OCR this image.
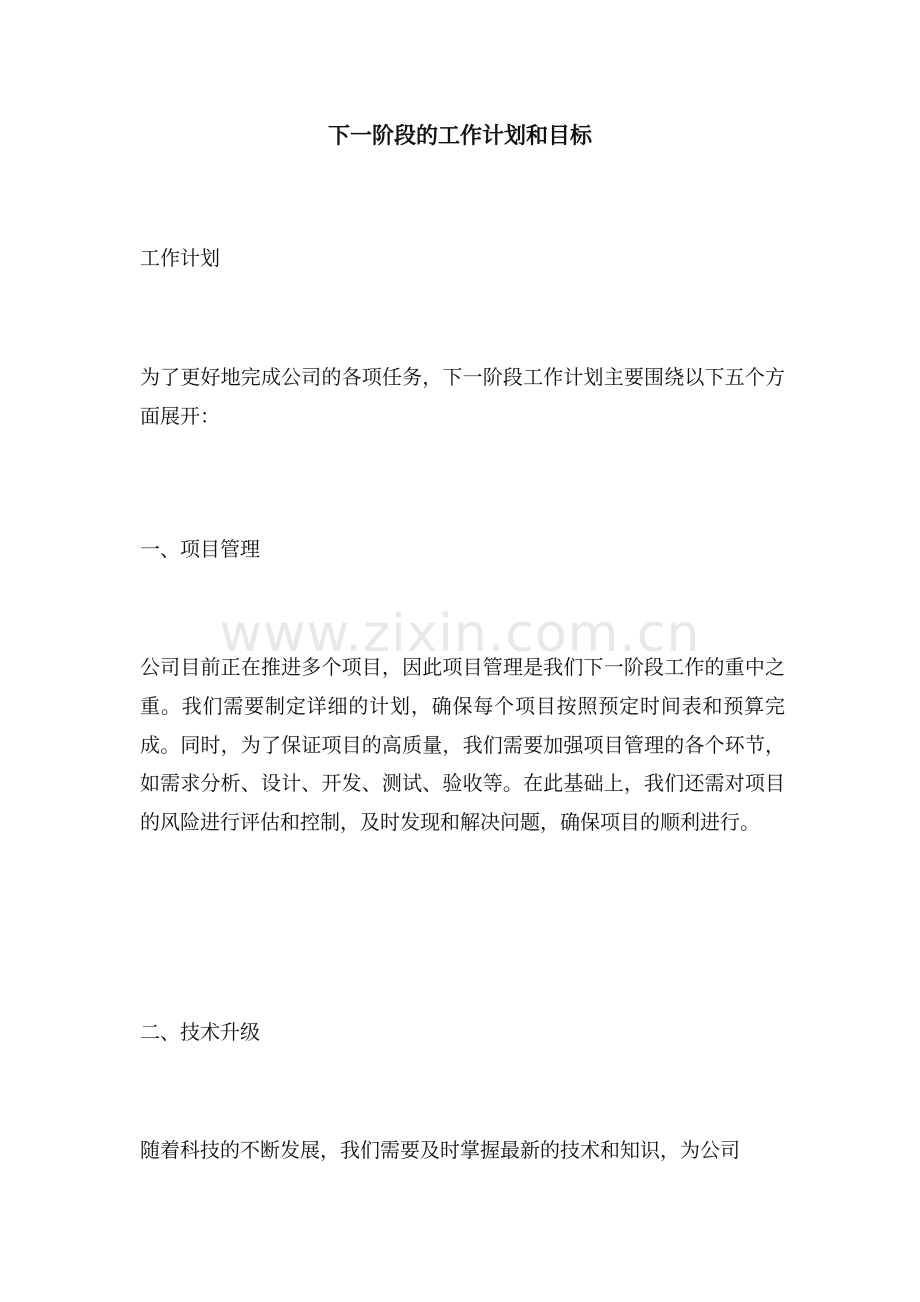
下一阶段的工作计划和目标

工作计划

为了更好地完成公司的各项任务，下一阶段工作计划主要围绕以下五个方面展开：

一、项目管理

公司目前正在推进多个项目，因此项目管理是我们下一阶段工作的重中之重。我们需要制定详细的计划，确保每个项目按照预定时间表和预算完成。同时，为了保证项目的高质量，我们需要加强项目管理的各个环节，如需求分析、设计、开发、测试、验收等。在此基础上，我们还需对项目的风险进行评估和控制，及时发现和解决问题，确保项目的顺利进行。

二、技术升级

随着科技的不断发展，我们需要及时掌握最新的技术和知识，为公司

www.zixin.com.cn
